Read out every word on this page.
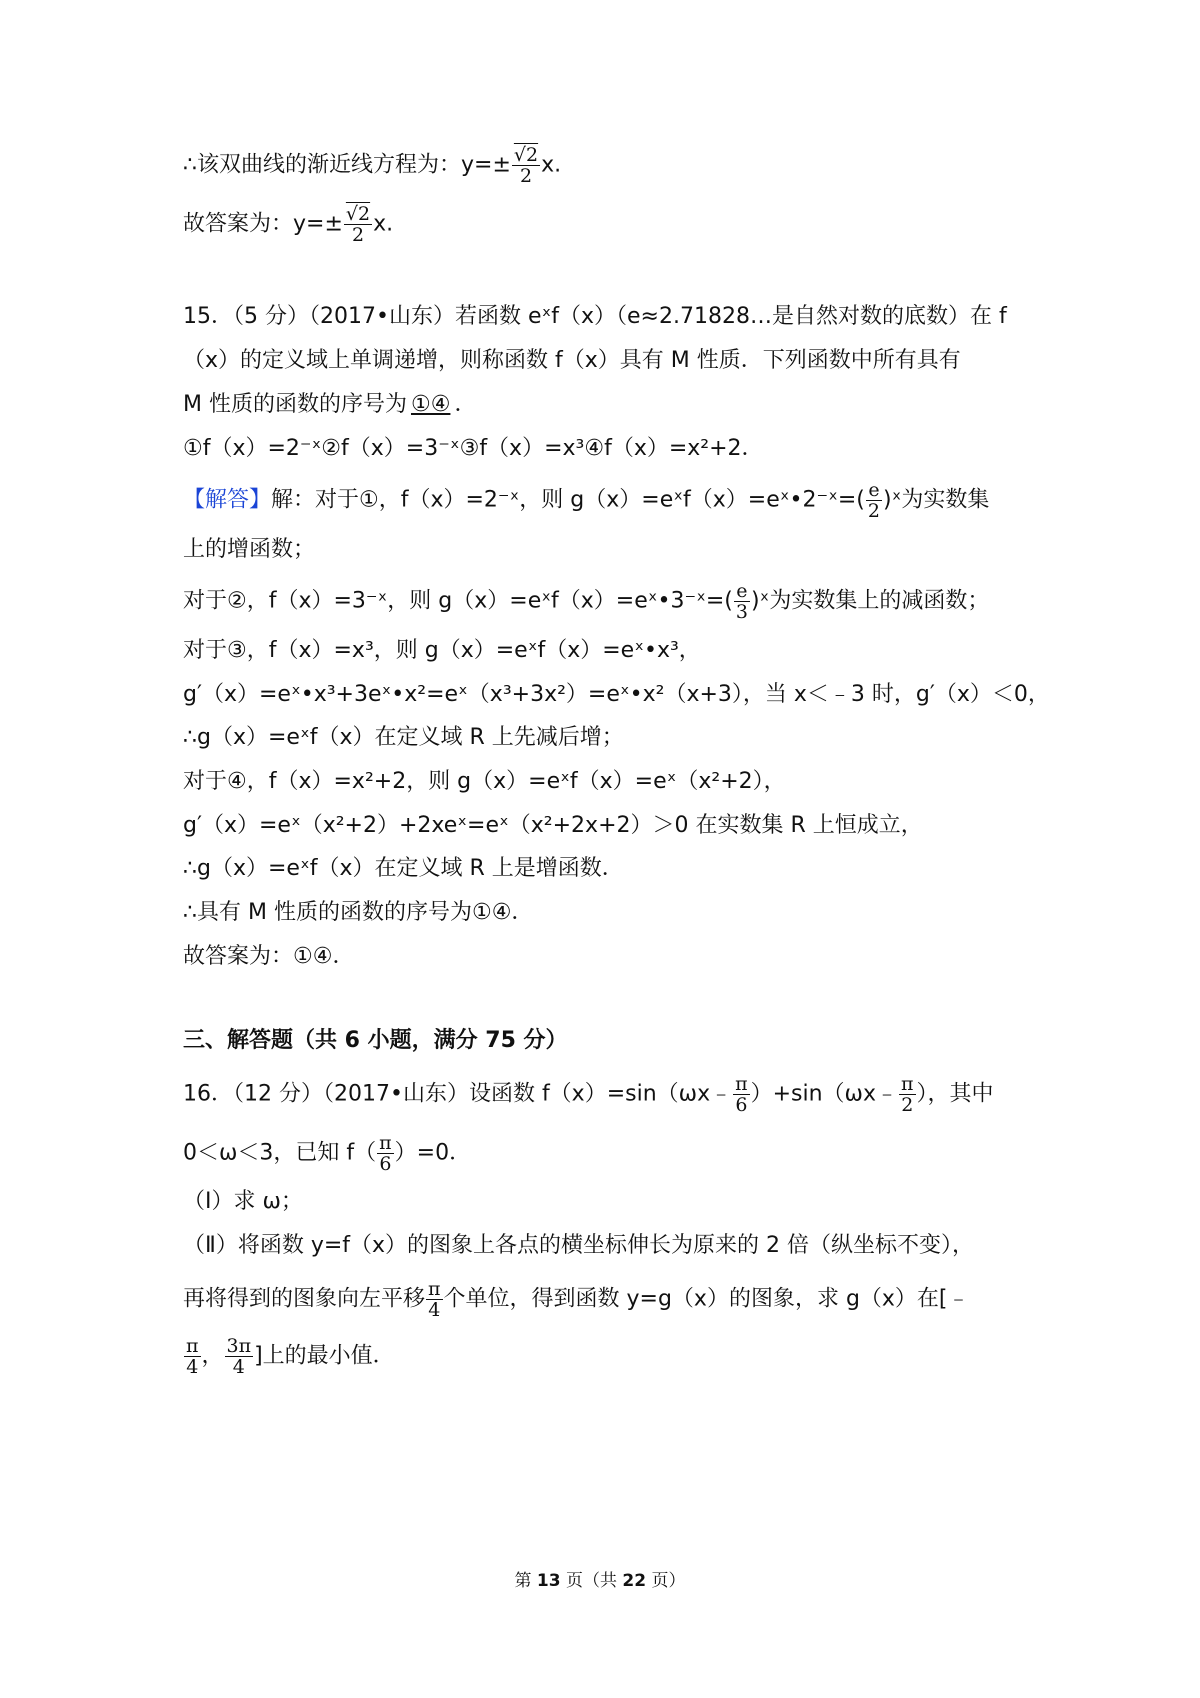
∴该双曲线的渐近线方程为：$y=\pm \frac{√2}{2} x$.
故答案为：$y=\pm \frac{√2}{2} x$.
15．（5 分）（2017•山东）若函数 eˣf（x）（e≈2.71828…是自然对数的底数）在 f
（x）的定义域上单调递增，则称函数 f（x）具有 M 性质．下列函数中所有具有
M 性质的函数的序号为 ①④ ．
①f（x）=2⁻ˣ②f（x）=3⁻ˣ③f（x）=x³④f（x）=x²+2．
【解答】解：对于①，f（x）=2⁻ˣ，则 g（x）=eˣf（x）=eˣ•2⁻ˣ=( $\frac{e}{2}$ )ˣ为实数集
上的增函数；
对于②，f（x）=3⁻ˣ，则 g（x）=eˣf（x）=eˣ•3⁻ˣ=( $\frac{e}{3}$ )ˣ为实数集上的减函数；
对于③，f（x）=x³，则 g（x）=eˣf（x）=eˣ•x³，
g′（x）=eˣ•x³+3eˣ•x²=eˣ（x³+3x²）=eˣ•x²（x+3），当 x＜﹣3 时，g′（x）＜0，
∴g（x）=eˣf（x）在定义域 R 上先减后增；
对于④，f（x）=x²+2，则 g（x）=eˣf（x）=eˣ（x²+2），
g′（x）=eˣ（x²+2）+2xeˣ=eˣ（x²+2x+2）＞0 在实数集 R 上恒成立，
∴g（x）=eˣf（x）在定义域 R 上是增函数．
∴具有 M 性质的函数的序号为①④．
故答案为：①④．
三、解答题（共 6 小题，满分 75 分）
16．（12 分）（2017•山东）设函数 f（x）=sin（ωx﹣ $\frac{\pi}{6}$ ）+sin（ωx﹣ $\frac{\pi}{2}$ ），其中
0＜ω＜3，已知 $f( \frac{\pi}{6} )=0$．
（Ⅰ）求 ω；
（Ⅱ）将函数 y=f（x）的图象上各点的横坐标伸长为原来的 2 倍（纵坐标不变），
再将得到的图象向左平移 $\frac{\pi}{4}$ 个单位，得到函数 y=g（x）的图象，求 g（x）在[﹣
$\frac{\pi}{4}$ ， $\frac{3\pi}{4}$ ]上的最小值．
第 13 页（共 22 页）
